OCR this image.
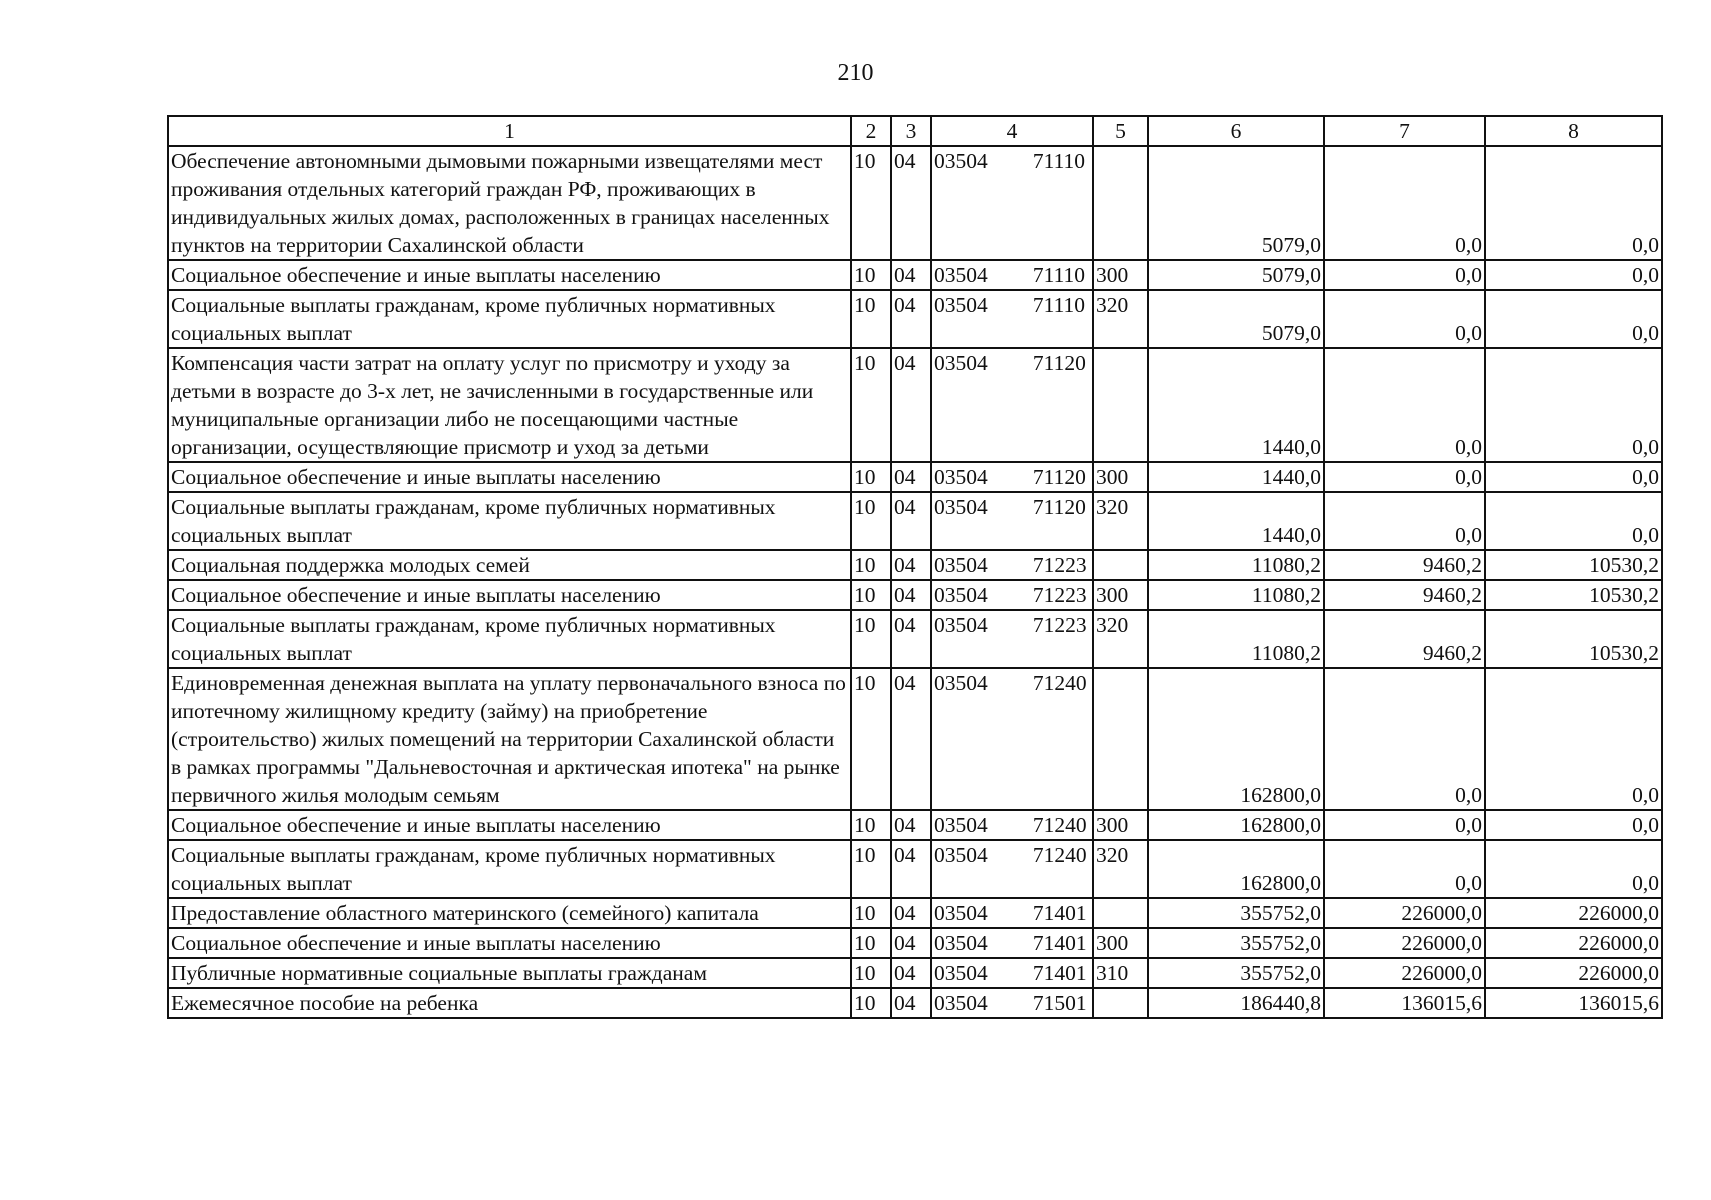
210
1	2	3	4	5	6	7	8
Обеспечение автономными дымовыми пожарными извещателями мест проживания отдельных категорий граждан РФ, проживающих в индивидуальных жилых домах, расположенных в границах населенных пунктов на территории Сахалинской области	10	04	03504 71110		5079,0	0,0	0,0
Социальное обеспечение и иные выплаты населению	10	04	03504 71110	300	5079,0	0,0	0,0
Социальные выплаты гражданам, кроме публичных нормативных социальных выплат	10	04	03504 71110	320	5079,0	0,0	0,0
Компенсация части затрат на оплату услуг по присмотру и уходу за детьми в возрасте до 3-х лет, не зачисленными в государственные или муниципальные организации либо не посещающими частные организации, осуществляющие присмотр и уход за детьми	10	04	03504 71120		1440,0	0,0	0,0
Социальное обеспечение и иные выплаты населению	10	04	03504 71120	300	1440,0	0,0	0,0
Социальные выплаты гражданам, кроме публичных нормативных социальных выплат	10	04	03504 71120	320	1440,0	0,0	0,0
Социальная поддержка молодых семей	10	04	03504 71223		11080,2	9460,2	10530,2
Социальное обеспечение и иные выплаты населению	10	04	03504 71223	300	11080,2	9460,2	10530,2
Социальные выплаты гражданам, кроме публичных нормативных социальных выплат	10	04	03504 71223	320	11080,2	9460,2	10530,2
Единовременная денежная выплата на уплату первоначального взноса по ипотечному жилищному кредиту (займу) на приобретение (строительство) жилых помещений на территории Сахалинской области в рамках программы "Дальневосточная и арктическая ипотека" на рынке первичного жилья молодым семьям	10	04	03504 71240		162800,0	0,0	0,0
Социальное обеспечение и иные выплаты населению	10	04	03504 71240	300	162800,0	0,0	0,0
Социальные выплаты гражданам, кроме публичных нормативных социальных выплат	10	04	03504 71240	320	162800,0	0,0	0,0
Предоставление областного материнского (семейного) капитала	10	04	03504 71401		355752,0	226000,0	226000,0
Социальное обеспечение и иные выплаты населению	10	04	03504 71401	300	355752,0	226000,0	226000,0
Публичные нормативные социальные выплаты гражданам	10	04	03504 71401	310	355752,0	226000,0	226000,0
Ежемесячное пособие на ребенка	10	04	03504 71501		186440,8	136015,6	136015,6
